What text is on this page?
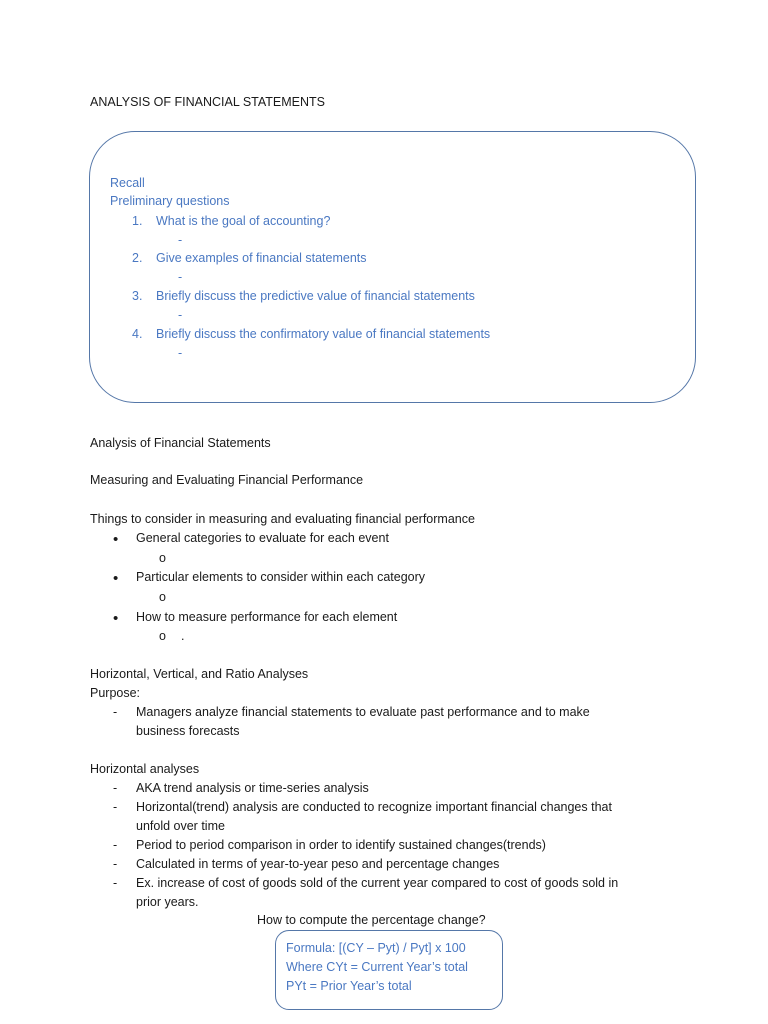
ANALYSIS OF FINANCIAL STATEMENTS
Recall
Preliminary questions
1. What is the goal of accounting?
-
2. Give examples of financial statements
-
3. Briefly discuss the predictive value of financial statements
-
4. Briefly discuss the confirmatory value of financial statements
-
Analysis of Financial Statements
Measuring and Evaluating Financial Performance
Things to consider in measuring and evaluating financial performance
• General categories to evaluate for each event
o
• Particular elements to consider within each category
o
• How to measure performance for each element
o .
Horizontal, Vertical, and Ratio Analyses
Purpose:
- Managers analyze financial statements to evaluate past performance and to make
business forecasts
Horizontal analyses
- AKA trend analysis or time-series analysis
- Horizontal(trend) analysis are conducted to recognize important financial changes that
unfold over time
- Period to period comparison in order to identify sustained changes(trends)
- Calculated in terms of year-to-year peso and percentage changes
- Ex. increase of cost of goods sold of the current year compared to cost of goods sold in
prior years.
How to compute the percentage change?
Formula: [(CY – Pyt) / Pyt] x 100
Where CYt = Current Year’s total
PYt = Prior Year’s total
